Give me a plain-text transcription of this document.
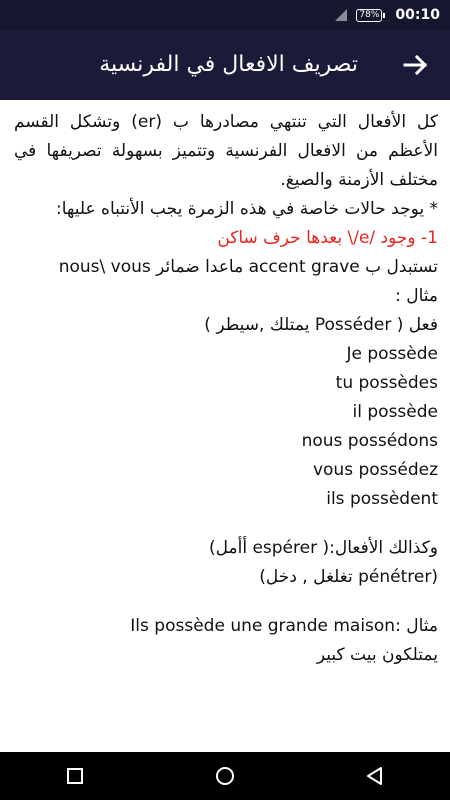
78% 00:10
تصريف الافعال في الفرنسية

كل الأفعال التي تنتهي مصادرها ب (er) وتشكل القسم الأعظم من الافعال الفرنسية وتتميز بسهولة تصريفها في مختلف الأزمنة والصيغ.

* يوجد حالات خاصة في هذه الزمرة يجب الأنتباه عليها:

1- وجود /e/\ بعدها حرف ساكن

تستبدل ب accent grave ماعدا ضمائر nous\ vous

مثال :

فعل ( Posséder يمتلك ,سيطر )

Je possède

tu possèdes

il possède

nous possédons

vous possédez

ils possèdent

وكذالك الأفعال:( espérer أأمل)

(pénétrer تغلغل , دخل)

مثال :Ils possède une grande maison

يمتلكون بيت كبير
